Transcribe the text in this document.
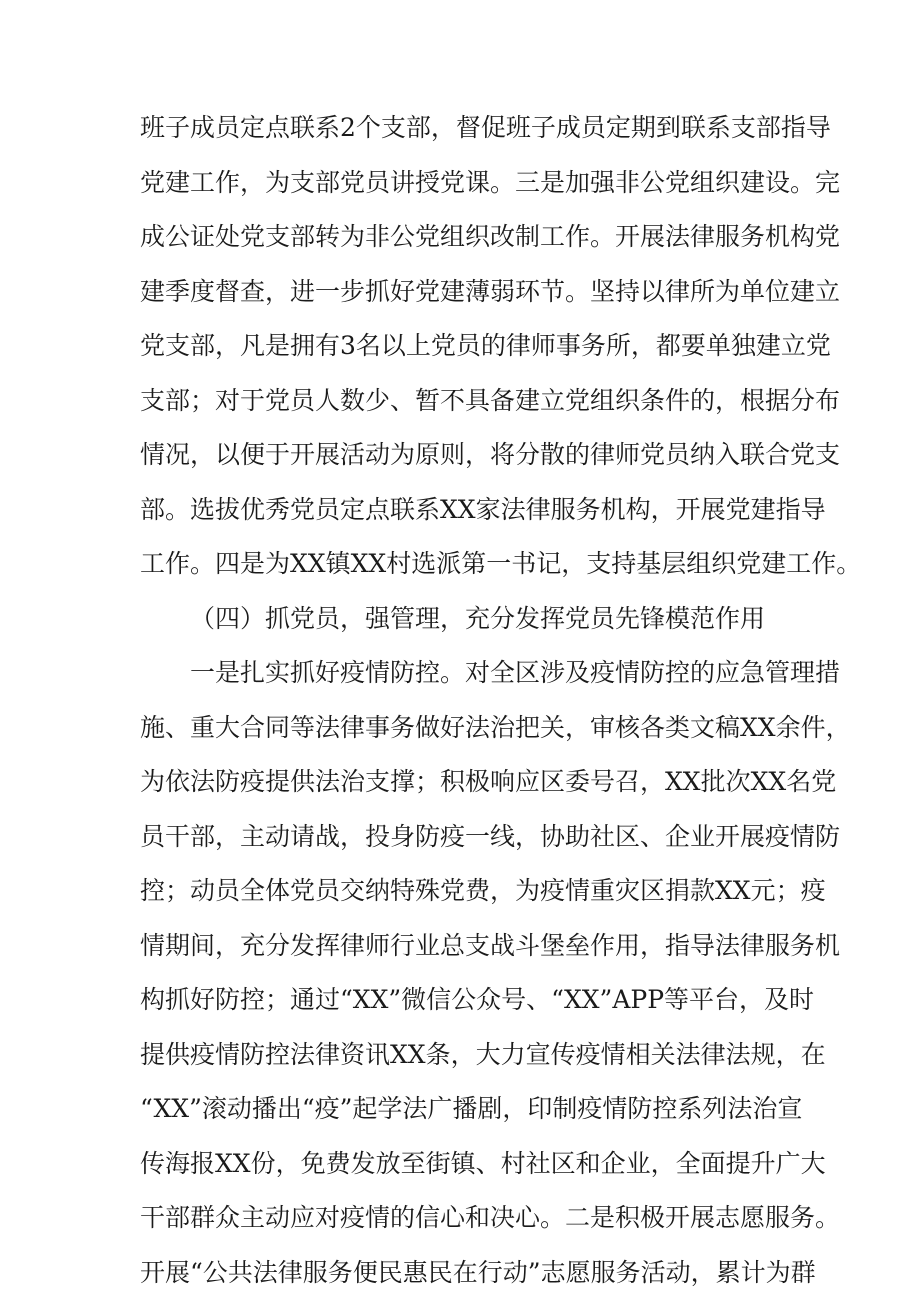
班子成员定点联系2个支部，督促班子成员定期到联系支部指导
党建工作，为支部党员讲授党课。三是加强非公党组织建设。完
成公证处党支部转为非公党组织改制工作。开展法律服务机构党
建季度督查，进一步抓好党建薄弱环节。坚持以律所为单位建立
党支部，凡是拥有3名以上党员的律师事务所，都要单独建立党
支部；对于党员人数少、暂不具备建立党组织条件的，根据分布
情况，以便于开展活动为原则，将分散的律师党员纳入联合党支
部。选拔优秀党员定点联系XX家法律服务机构，开展党建指导
工作。四是为XX镇XX村选派第一书记，支持基层组织党建工作。
（四）抓党员，强管理，充分发挥党员先锋模范作用
一是扎实抓好疫情防控。对全区涉及疫情防控的应急管理措
施、重大合同等法律事务做好法治把关，审核各类文稿XX余件，
为依法防疫提供法治支撑；积极响应区委号召，XX批次XX名党
员干部，主动请战，投身防疫一线，协助社区、企业开展疫情防
控；动员全体党员交纳特殊党费，为疫情重灾区捐款XX元；疫
情期间，充分发挥律师行业总支战斗堡垒作用，指导法律服务机
构抓好防控；通过“XX”微信公众号、“XX”APP等平台，及时
提供疫情防控法律资讯XX条，大力宣传疫情相关法律法规，在
“XX”滚动播出“疫”起学法广播剧，印制疫情防控系列法治宣
传海报XX份，免费发放至街镇、村社区和企业，全面提升广大
干部群众主动应对疫情的信心和决心。二是积极开展志愿服务。
开展“公共法律服务便民惠民在行动”志愿服务活动，累计为群
